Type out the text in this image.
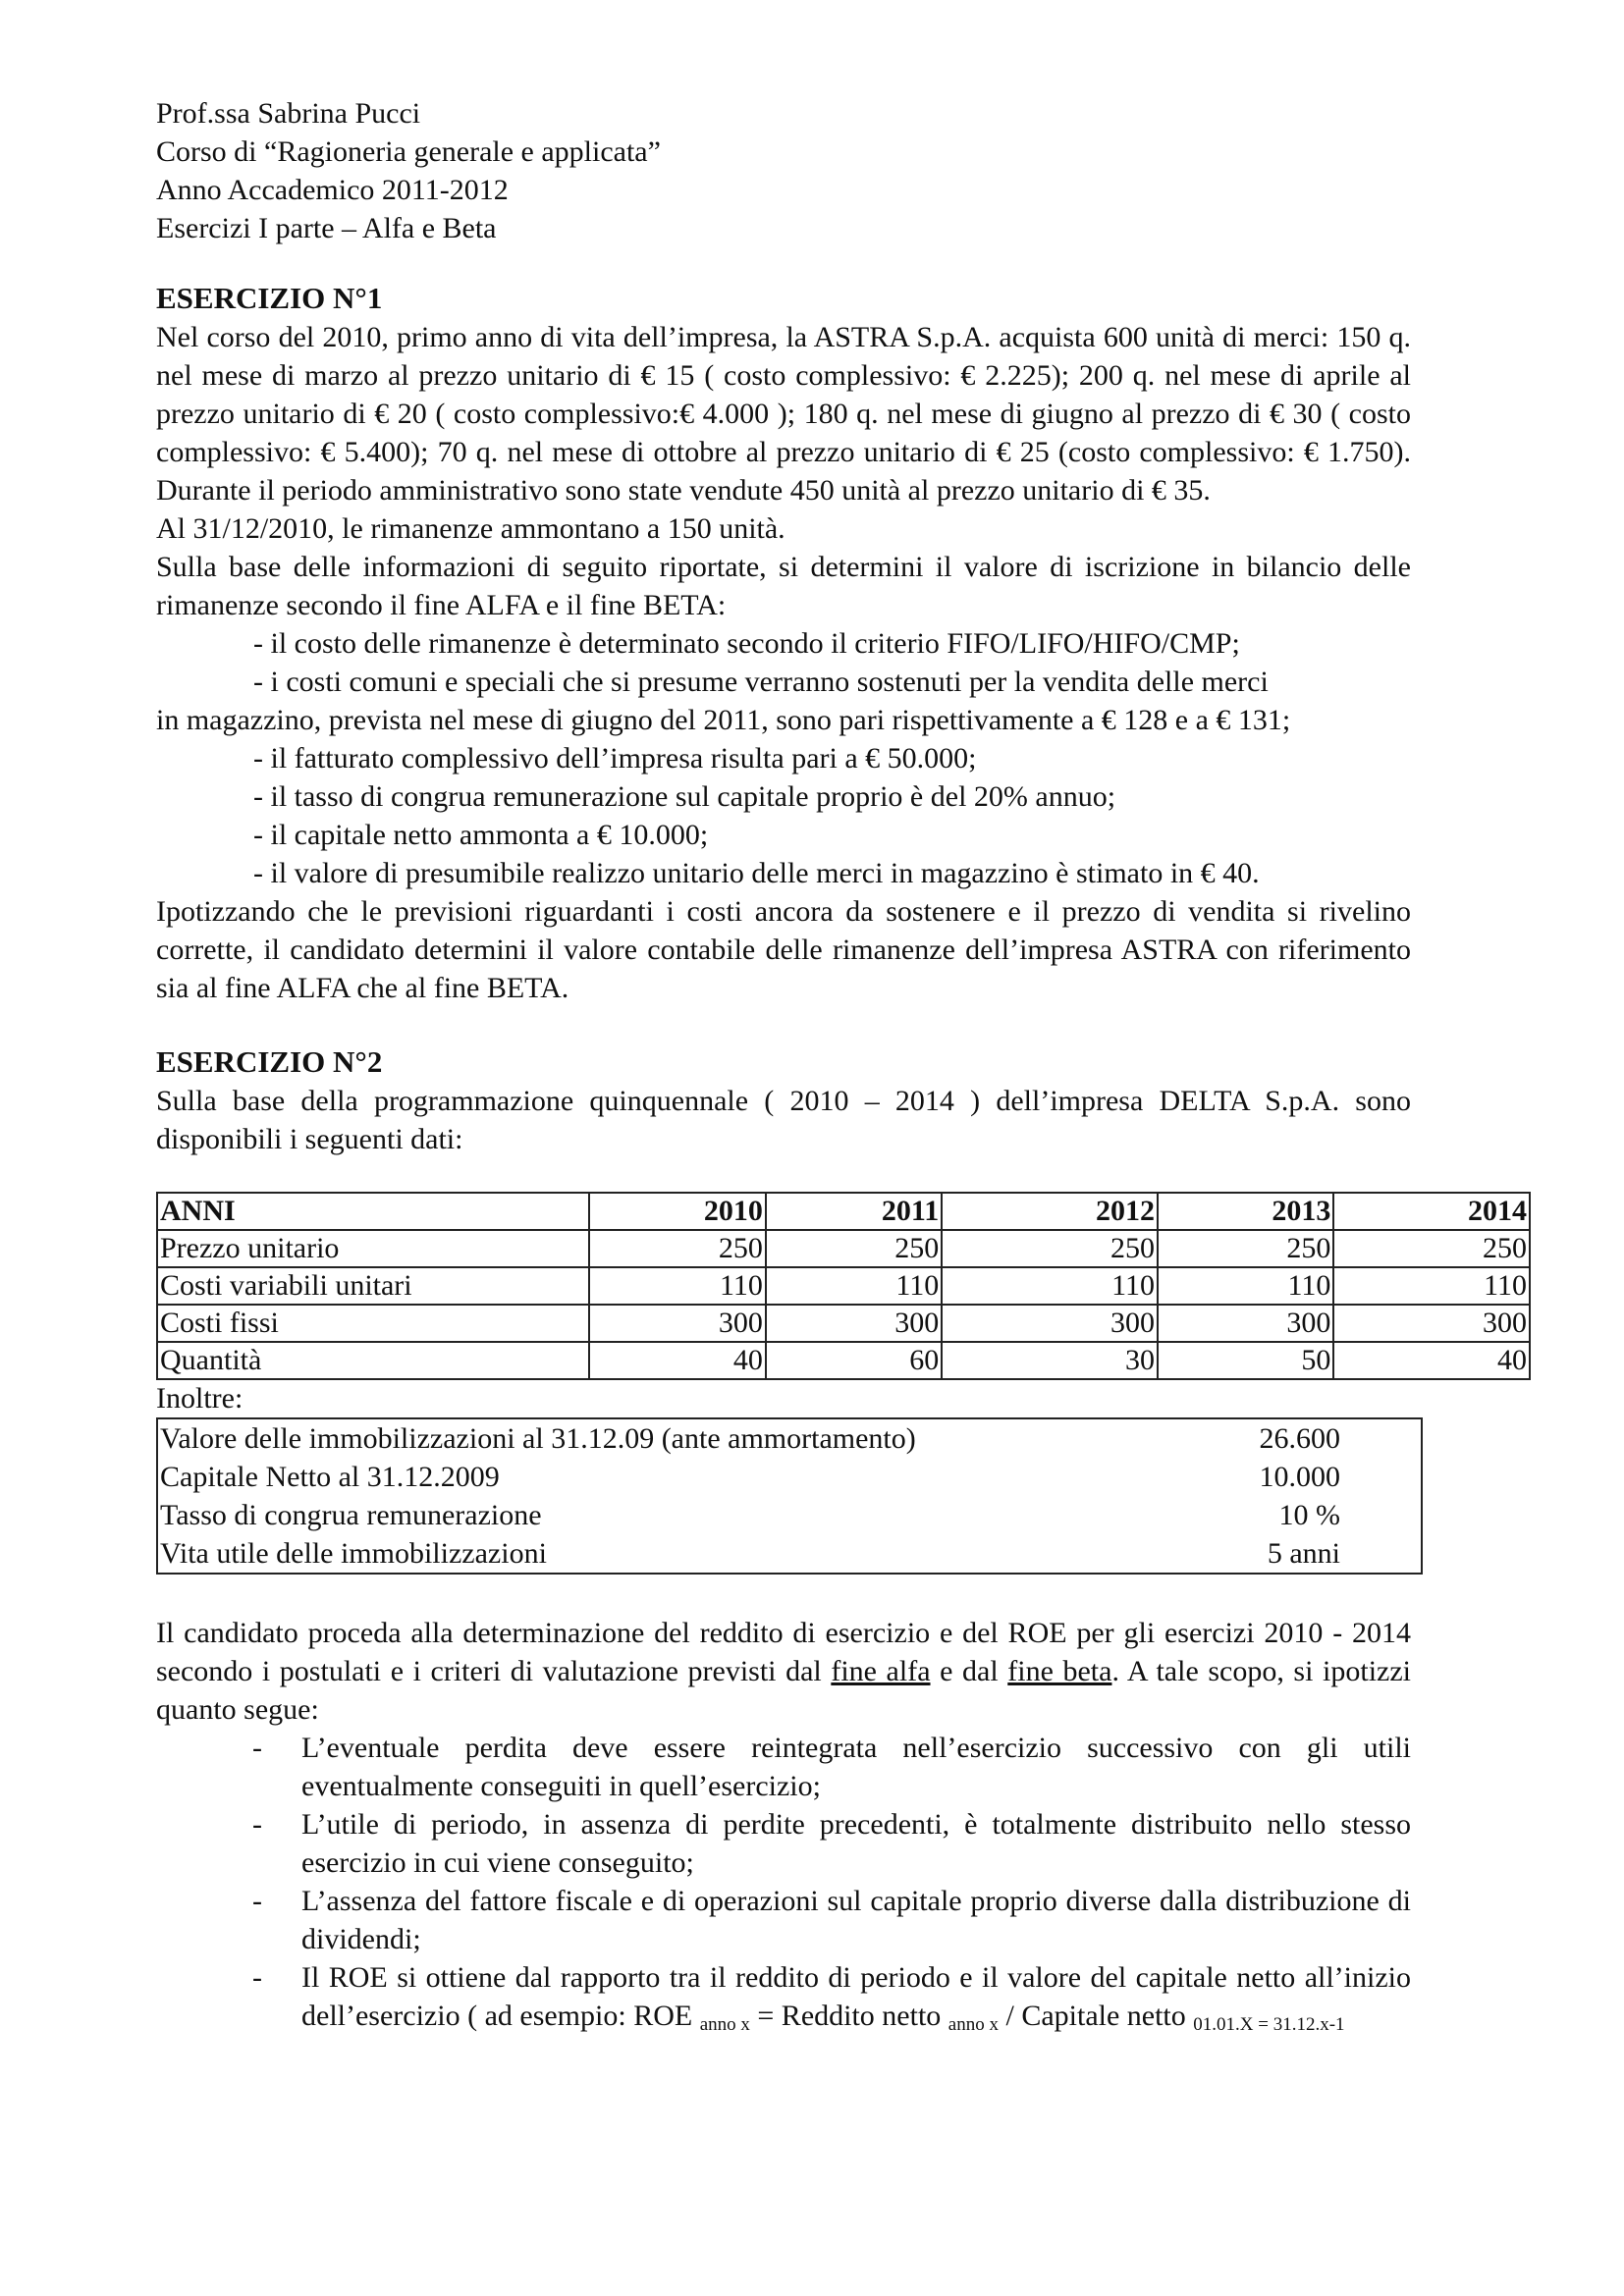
Prof.ssa Sabrina Pucci

Corso di “Ragioneria generale e applicata”

Anno Accademico 2011-2012

Esercizi I parte – Alfa e Beta

ESERCIZIO N°1

Nel corso del 2010, primo anno di vita dell’impresa, la ASTRA S.p.A. acquista 600 unità di merci: 150 q. nel mese di marzo al prezzo unitario di € 15 ( costo complessivo: € 2.225); 200 q. nel mese di aprile al prezzo unitario di € 20 ( costo complessivo:€ 4.000 ); 180 q. nel mese di giugno al prezzo di € 30 ( costo complessivo: € 5.400); 70 q. nel mese di ottobre al prezzo unitario di € 25 (costo complessivo: € 1.750). Durante il periodo amministrativo sono state vendute 450 unità al prezzo unitario di € 35.

Al 31/12/2010, le rimanenze ammontano a 150 unità.

Sulla base delle informazioni di seguito riportate, si determini il valore di iscrizione in bilancio delle rimanenze secondo il fine ALFA e il fine BETA:

- il costo delle rimanenze è determinato secondo il criterio FIFO/LIFO/HIFO/CMP;

- i costi comuni e speciali che si presume verranno sostenuti per la vendita delle merci

in magazzino, prevista nel mese di giugno del 2011, sono pari rispettivamente a € 128 e a € 131;

- il fatturato complessivo dell’impresa risulta pari a € 50.000;

- il tasso di congrua remunerazione sul capitale proprio è del 20% annuo;

- il capitale netto ammonta a € 10.000;

- il valore di presumibile realizzo unitario delle merci in magazzino è stimato in € 40.

Ipotizzando che le previsioni riguardanti i costi ancora da sostenere e il prezzo di vendita si rivelino corrette, il candidato determini il valore contabile delle rimanenze dell’impresa ASTRA con riferimento sia al fine ALFA che al fine BETA.

ESERCIZIO N°2

Sulla base della programmazione quinquennale ( 2010 – 2014 ) dell’impresa DELTA S.p.A. sono disponibili i seguenti dati:

ANNI	2010	2011	2012	2013	2014
Prezzo unitario	250	250	250	250	250
Costi variabili unitari	110	110	110	110	110
Costi fissi	300	300	300	300	300
Quantità	40	60	30	50	40

Inoltre:

Valore delle immobilizzazioni al 31.12.09 (ante ammortamento)	26.600
Capitale Netto al 31.12.2009	10.000
Tasso di congrua remunerazione	10 %
Vita utile delle immobilizzazioni	5 anni

Il candidato proceda alla determinazione del reddito di esercizio e del ROE per gli esercizi 2010 - 2014 secondo i postulati e i criteri di valutazione previsti dal fine alfa e dal fine beta. A tale scopo, si ipotizzi quanto segue:

- L’eventuale perdita deve essere reintegrata nell’esercizio successivo con gli utili eventualmente conseguiti in quell’esercizio;
- L’utile di periodo, in assenza di perdite precedenti, è totalmente distribuito nello stesso esercizio in cui viene conseguito;
- L’assenza del fattore fiscale e di operazioni sul capitale proprio diverse dalla distribuzione di dividendi;
- Il ROE si ottiene dal rapporto tra il reddito di periodo e il valore del capitale netto all’inizio dell’esercizio ( ad esempio: ROE $_{anno x}$ = Reddito netto $_{anno x}$ / Capitale netto $_{01.01.X = 31.12.x-1}$
